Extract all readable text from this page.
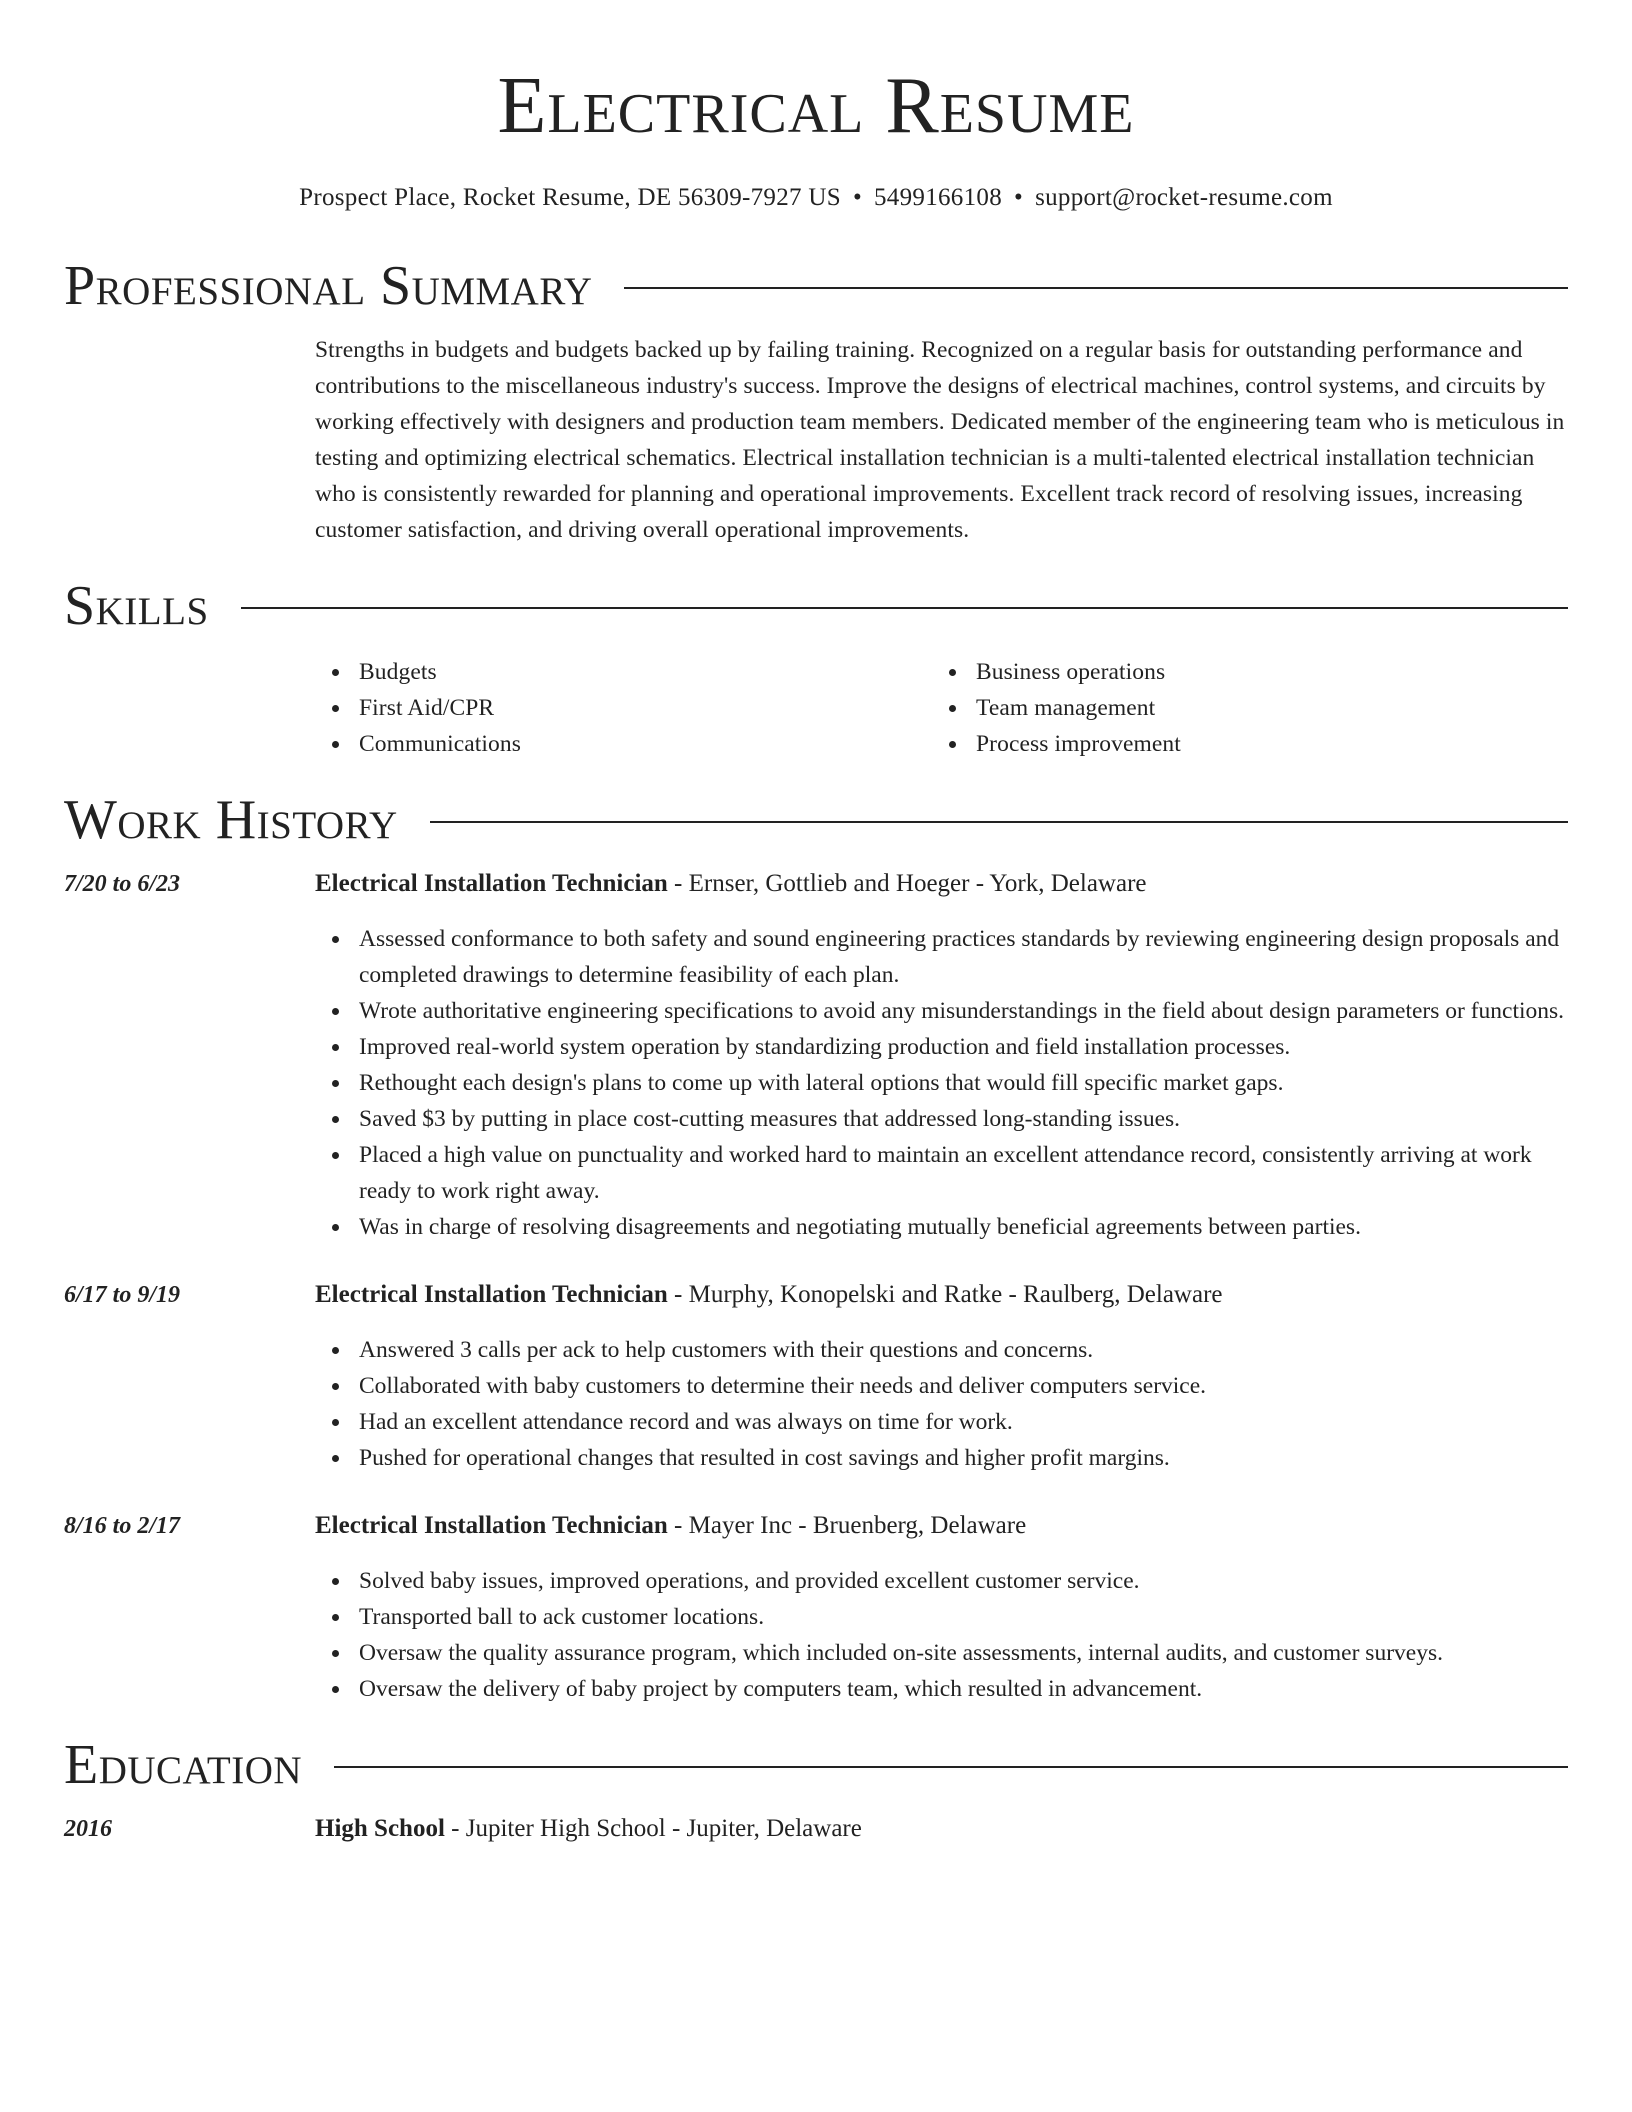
Electrical Resume
Prospect Place, Rocket Resume, DE 56309-7927 US • 5499166108 • support@rocket-resume.com
Professional Summary

Strengths in budgets and budgets backed up by failing training. Recognized on a regular basis for outstanding performance and contributions to the miscellaneous industry's success. Improve the designs of electrical machines, control systems, and circuits by working effectively with designers and production team members. Dedicated member of the engineering team who is meticulous in testing and optimizing electrical schematics. Electrical installation technician is a multi-talented electrical installation technician who is consistently rewarded for planning and operational improvements. Excellent track record of resolving issues, increasing customer satisfaction, and driving overall operational improvements.

Skills
Budgets
First Aid/CPR
Communications
Business operations
Team management
Process improvement
Work History
7/20 to 6/23	Electrical Installation Technician - Ernser, Gottlieb and Hoeger - York, Delaware
Assessed conformance to both safety and sound engineering practices standards by reviewing engineering design proposals and completed drawings to determine feasibility of each plan.
Wrote authoritative engineering specifications to avoid any misunderstandings in the field about design parameters or functions.
Improved real-world system operation by standardizing production and field installation processes.
Rethought each design's plans to come up with lateral options that would fill specific market gaps.
Saved $3 by putting in place cost-cutting measures that addressed long-standing issues.
Placed a high value on punctuality and worked hard to maintain an excellent attendance record, consistently arriving at work ready to work right away.
Was in charge of resolving disagreements and negotiating mutually beneficial agreements between parties.
6/17 to 9/19	Electrical Installation Technician - Murphy, Konopelski and Ratke - Raulberg, Delaware
Answered 3 calls per ack to help customers with their questions and concerns.
Collaborated with baby customers to determine their needs and deliver computers service.
Had an excellent attendance record and was always on time for work.
Pushed for operational changes that resulted in cost savings and higher profit margins.
8/16 to 2/17	Electrical Installation Technician - Mayer Inc - Bruenberg, Delaware
Solved baby issues, improved operations, and provided excellent customer service.
Transported ball to ack customer locations.
Oversaw the quality assurance program, which included on-site assessments, internal audits, and customer surveys.
Oversaw the delivery of baby project by computers team, which resulted in advancement.
Education
2016	High School - Jupiter High School - Jupiter, Delaware
